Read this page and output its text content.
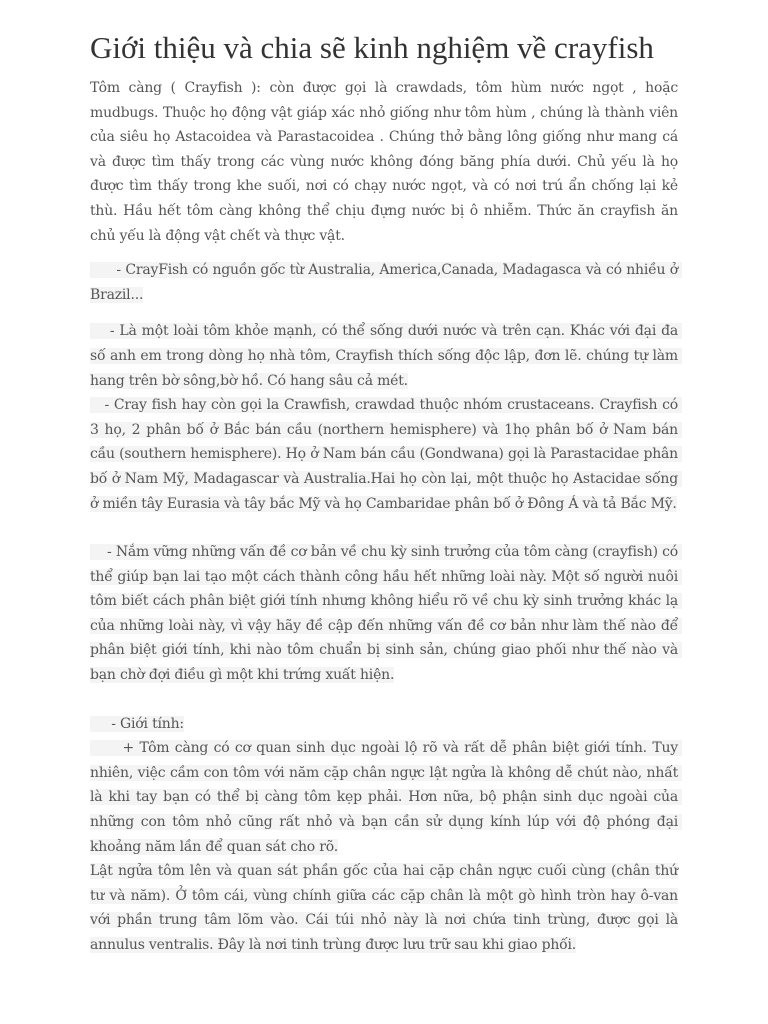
Giới thiệu và chia sẽ kinh nghiệm về crayfish

Tôm càng ( Crayfish ): còn được gọi là crawdads, tôm hùm nước ngọt , hoặc mudbugs. Thuộc họ động vật giáp xác nhỏ giống như tôm hùm , chúng là thành viên của siêu họ Astacoidea và Parastacoidea . Chúng thở bằng lông giống như mang cá và được tìm thấy trong các vùng nước không đóng băng phía dưới. Chủ yếu là họ được tìm thấy trong khe suối, nơi có chạy nước ngọt, và có nơi trú ẩn chống lại kẻ thù. Hầu hết tôm càng không thể chịu đựng nước bị ô nhiễm. Thức ăn crayfish ăn chủ yếu là động vật chết và thực vật.

- CrayFish có nguồn gốc từ Australia, America,Canada, Madagasca và có nhiều ở Brazil...

- Là một loài tôm khỏe mạnh, có thể sống dưới nước và trên cạn. Khác với đại đa số anh em trong dòng họ nhà tôm, Crayfish thích sống độc lập, đơn lẽ. chúng tự làm hang trên bờ sông,bờ hồ. Có hang sâu cả mét.

- Cray fish hay còn gọi la Crawfish, crawdad thuộc nhóm crustaceans. Crayfish có 3 họ, 2 phân bố ở Bắc bán cầu (northern hemisphere) và 1họ phân bố ở Nam bán cầu (southern hemisphere). Họ ở Nam bán cầu (Gondwana) gọi là Parastacidae phân bố ở Nam Mỹ, Madagascar và Australia.Hai họ còn lại, một thuộc họ Astacidae sống ở miền tây Eurasia và tây bắc Mỹ và họ Cambaridae phân bố ở Đông Á và tả Bắc Mỹ.

- Nắm vững những vấn đề cơ bản về chu kỳ sinh trưởng của tôm càng (crayfish) có thể giúp bạn lai tạo một cách thành công hầu hết những loài này. Một số người nuôi tôm biết cách phân biệt giới tính nhưng không hiểu rõ về chu kỳ sinh trưởng khác lạ của những loài này, vì vậy hãy đề cập đến những vấn đề cơ bản như làm thế nào để phân biệt giới tính, khi nào tôm chuẩn bị sinh sản, chúng giao phối như thế nào và bạn chờ đợi điều gì một khi trứng xuất hiện.

- Giới tính:

+ Tôm càng có cơ quan sinh dục ngoài lộ rõ và rất dễ phân biệt giới tính. Tuy nhiên, việc cầm con tôm với năm cặp chân ngực lật ngửa là không dễ chút nào, nhất là khi tay bạn có thể bị càng tôm kẹp phải. Hơn nữa, bộ phận sinh dục ngoài của những con tôm nhỏ cũng rất nhỏ và bạn cần sử dụng kính lúp với độ phóng đại khoảng năm lần để quan sát cho rõ.

Lật ngửa tôm lên và quan sát phần gốc của hai cặp chân ngực cuối cùng (chân thứ tư và năm). Ở tôm cái, vùng chính giữa các cặp chân là một gò hình tròn hay ô-van với phần trung tâm lõm vào. Cái túi nhỏ này là nơi chứa tinh trùng, được gọi là annulus ventralis. Đây là nơi tinh trùng được lưu trữ sau khi giao phối.
